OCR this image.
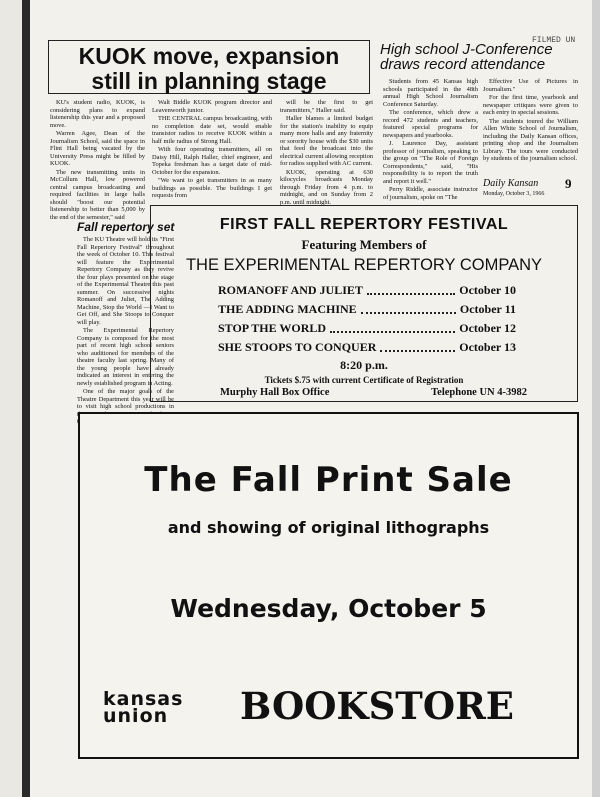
KUOK move, expansion
still in planning stage

KU's student radio, KUOK, is considering plans to expand listenership this year and a proposed move.

Warren Agee, Dean of the Journalism School, said the space in Flint Hall being vacated by the University Press might be filled by KUOK.

The new transmitting units in McCollum Hall, low powered central campus broadcasting and required facilities in large halls should "boost our potential listenership to better than 5,000 by the end of the semester," said

Walt Biddle KUOK program director and Leavenworth junior.

THE CENTRAL campus broadcasting, with no completion date set, would enable transistor radios to receive KUOK within a half mile radius of Strong Hall.

With four operating transmitters, all on Daisy Hill, Ralph Haller, chief engineer, and Topeka freshman has a target date of mid-October for the expansion.

"We want to get transmitters in as many buildings as possible. The buildings I get requests from

will be the first to get transmitters," Haller said.

Haller blames a limited budget for the station's inability to equip many more halls and any fraternity or sorority house with the $30 units that feed the broadcast into the electrical current allowing reception for radios supplied with AC current.

KUOK, operating at 630 kilocycles broadcasts Monday through Friday from 4 p.m. to midnight, and on Sunday from 2 p.m. until midnight.

Fall repertory set

The KU Theatre will hold its "First Fall Repertory Festival" throughout the week of October 10. This festival will feature the Experimental Repertory Company as they revive the four plays presented on the stage of the Experimental Theatre this past summer. On successive nights Romanoff and Juliet, The Adding Machine, Stop the World —I Want to Get Off, and She Stoops to Conquer will play.

The Experimental Repertory Company is composed for the most part of recent high school seniors who auditioned for members of the theatre faculty last spring. Many of the young people have already indicated an interest in entering the newly established program in Acting.

One of the major goals of the Theatre Department this year will be to visit high school productions in

FILMED UN
High school J-Conference
draws record attendance

Students from 45 Kansas high schools participated in the 48th annual High School Journalism Conference Saturday.

The conference, which drew a record 472 students and teachers, featured special programs for newspapers and yearbooks.

J. Laurence Day, assistant professor of journalism, speaking to the group on "The Role of Foreign Correspondents," said, "His responsibility is to report the truth and report it well."

Perry Riddle, associate instructor of journalism, spoke on "The

Effective Use of Pictures in Journalism."

For the first time, yearbook and newspaper critiques were given to each entry in special sessions.

The students toured the William Allen White School of Journalism, including the Daily Kansan offices, printing shop and the Journalism Library. The tours were conducted by students of the journalism school.

Daily Kansan 9
Monday, October 3, 1966
FIRST FALL REPERTORY FESTIVAL
Featuring Members of
THE EXPERIMENTAL REPERTORY COMPANY
ROMANOFF AND JULIET	October 10
THE ADDING MACHINE	October 11
STOP THE WORLD	October 12
SHE STOOPS TO CONQUER	October 13
8:20 p.m.
Tickets $.75 with current Certificate of Registration
Murphy Hall Box Office	Telephone UN 4-3982
The Fall Print Sale
and showing of original lithographs
Wednesday, October 5
kansas
union	BOOKSTORE
